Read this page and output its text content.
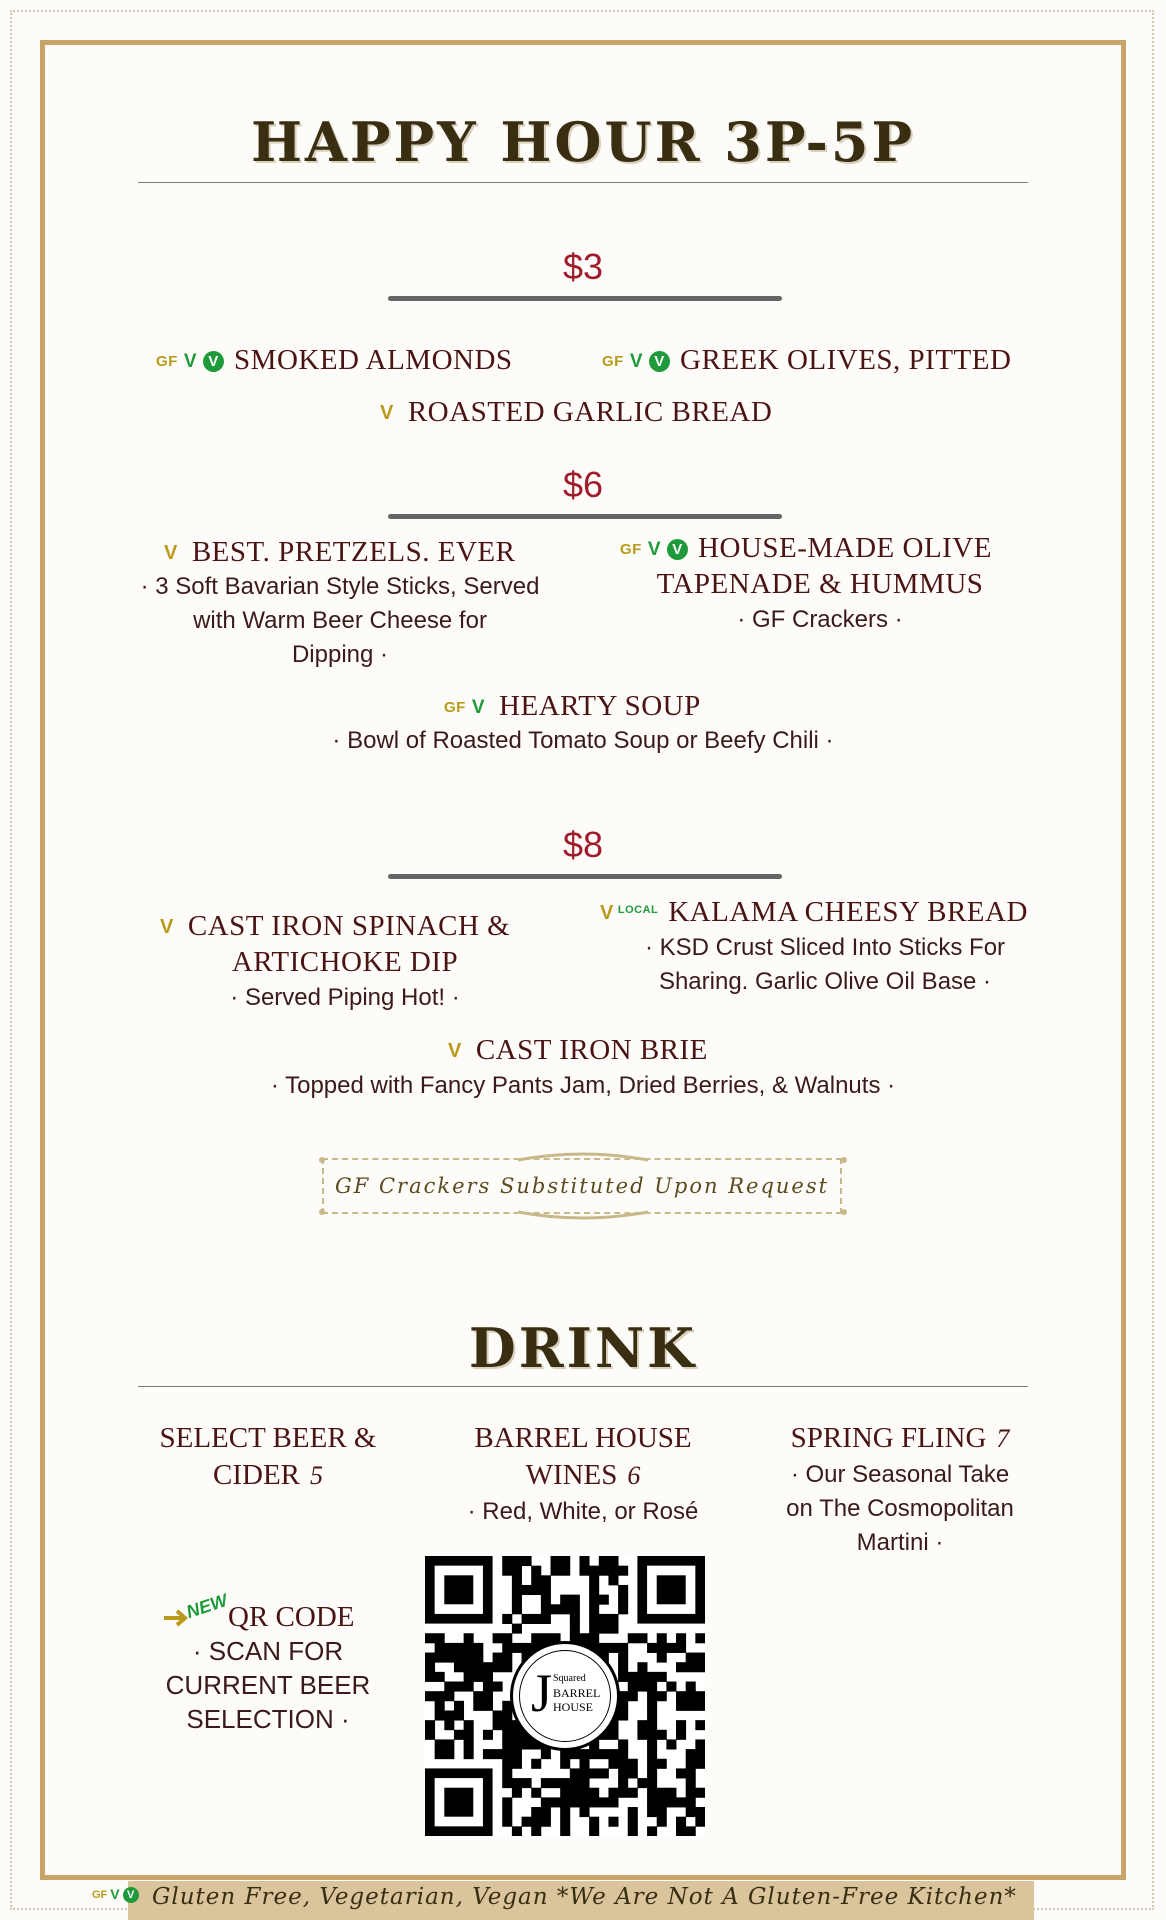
HAPPY HOUR 3P-5P
$3
GF V V SMOKED ALMONDS	GF V V GREEK OLIVES, PITTED
V ROASTED GARLIC BREAD
$6
V BEST. PRETZELS. EVER
· 3 Soft Bavarian Style Sticks, Served
with Warm Beer Cheese for
Dipping ·
GF V V HOUSE-MADE OLIVE
TAPENADE & HUMMUS
· GF Crackers ·
GF V HEARTY SOUP
· Bowl of Roasted Tomato Soup or Beefy Chili ·
$8
V CAST IRON SPINACH &
ARTICHOKE DIP
· Served Piping Hot! ·
V $^{LOCAL}$ KALAMA CHEESY BREAD
· KSD Crust Sliced Into Sticks For
Sharing. Garlic Olive Oil Base ·
V CAST IRON BRIE
· Topped with Fancy Pants Jam, Dried Berries, & Walnuts ·
GF Crackers Substituted Upon Request
DRINK
SELECT BEER &
CIDER 5
BARREL HOUSE
WINES 6
· Red, White, or Rosé
SPRING FLING 7
· Our Seasonal Take
on The Cosmopolitan
Martini ·
NEW
QR CODE
· SCAN FOR
CURRENT BEER
SELECTION ·	J Squared
BARREL
HOUSE
GF V V Gluten Free, Vegetarian, Vegan *We Are Not A Gluten-Free Kitchen*
